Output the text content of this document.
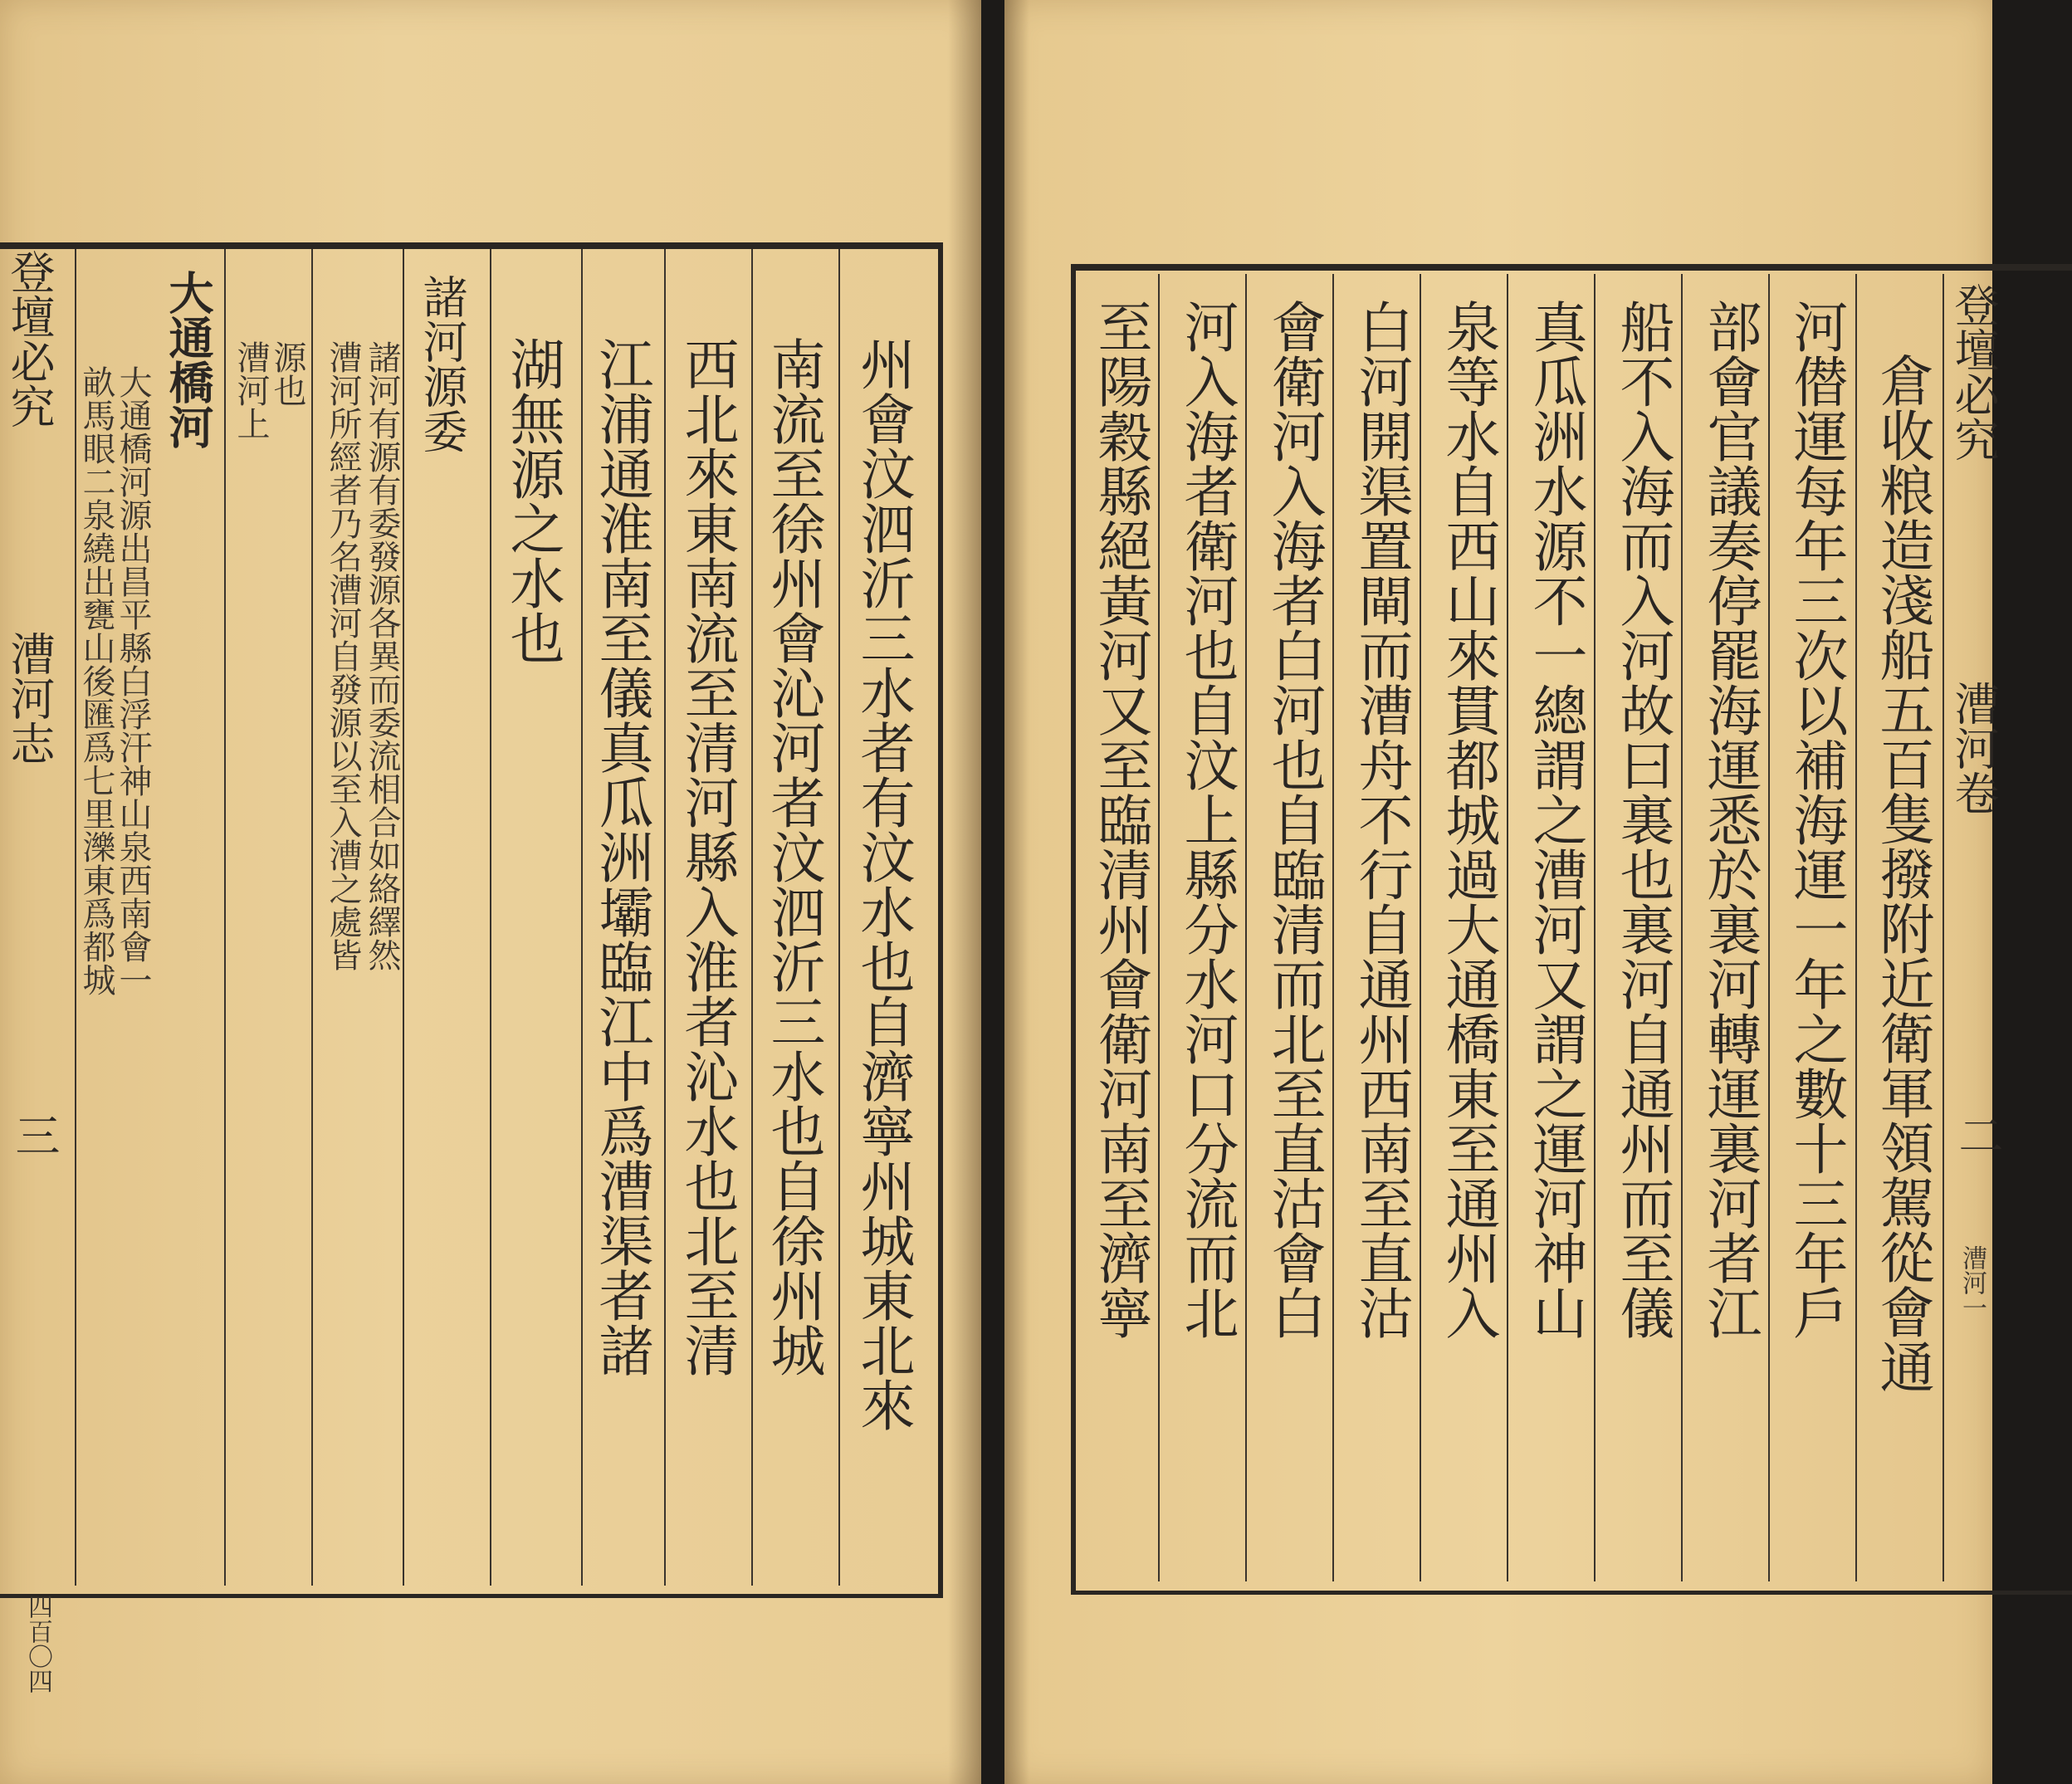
登壇必究
漕河志
三
四百〇四
大通橋河
大通橋河源出昌平縣白浮汗神山泉西南會一
畝馬眼二泉繞出甕山後匯爲七里濼東爲都城	源也
漕河上	諸河有源有委發源各異而委流相合如絡繹然
漕河所經者乃名漕河自發源以至入漕之處皆 諸河源委	州會汶泗沂三水者有汶水也自濟寧州城東北來
南流至徐州會沁河者汶泗沂三水也自徐州城
西北來東南流至清河縣入淮者沁水也北至清
江浦通淮南至儀真瓜洲壩臨江中爲漕渠者諸
湖無源之水也	倉收粮造淺船五百隻撥附近衛軍領駕從會通
河僣運每年三次以補海運一年之數十三年戶
部會官議奏停罷海運悉於裏河轉運裏河者江
船不入海而入河故曰裏也裏河自通州而至儀
真瓜洲水源不一總謂之漕河又謂之運河神山
泉等水自西山來貫都城過大通橋東至通州入
白河開渠置閘而漕舟不行自通州西南至直沽
會衛河入海者白河也自臨清而北至直沽會白
河入海者衛河也自汶上縣分水河口分流而北
至陽穀縣絕黃河又至臨清州會衛河南至濟寧	登壇必究
漕河卷
二
漕河一
